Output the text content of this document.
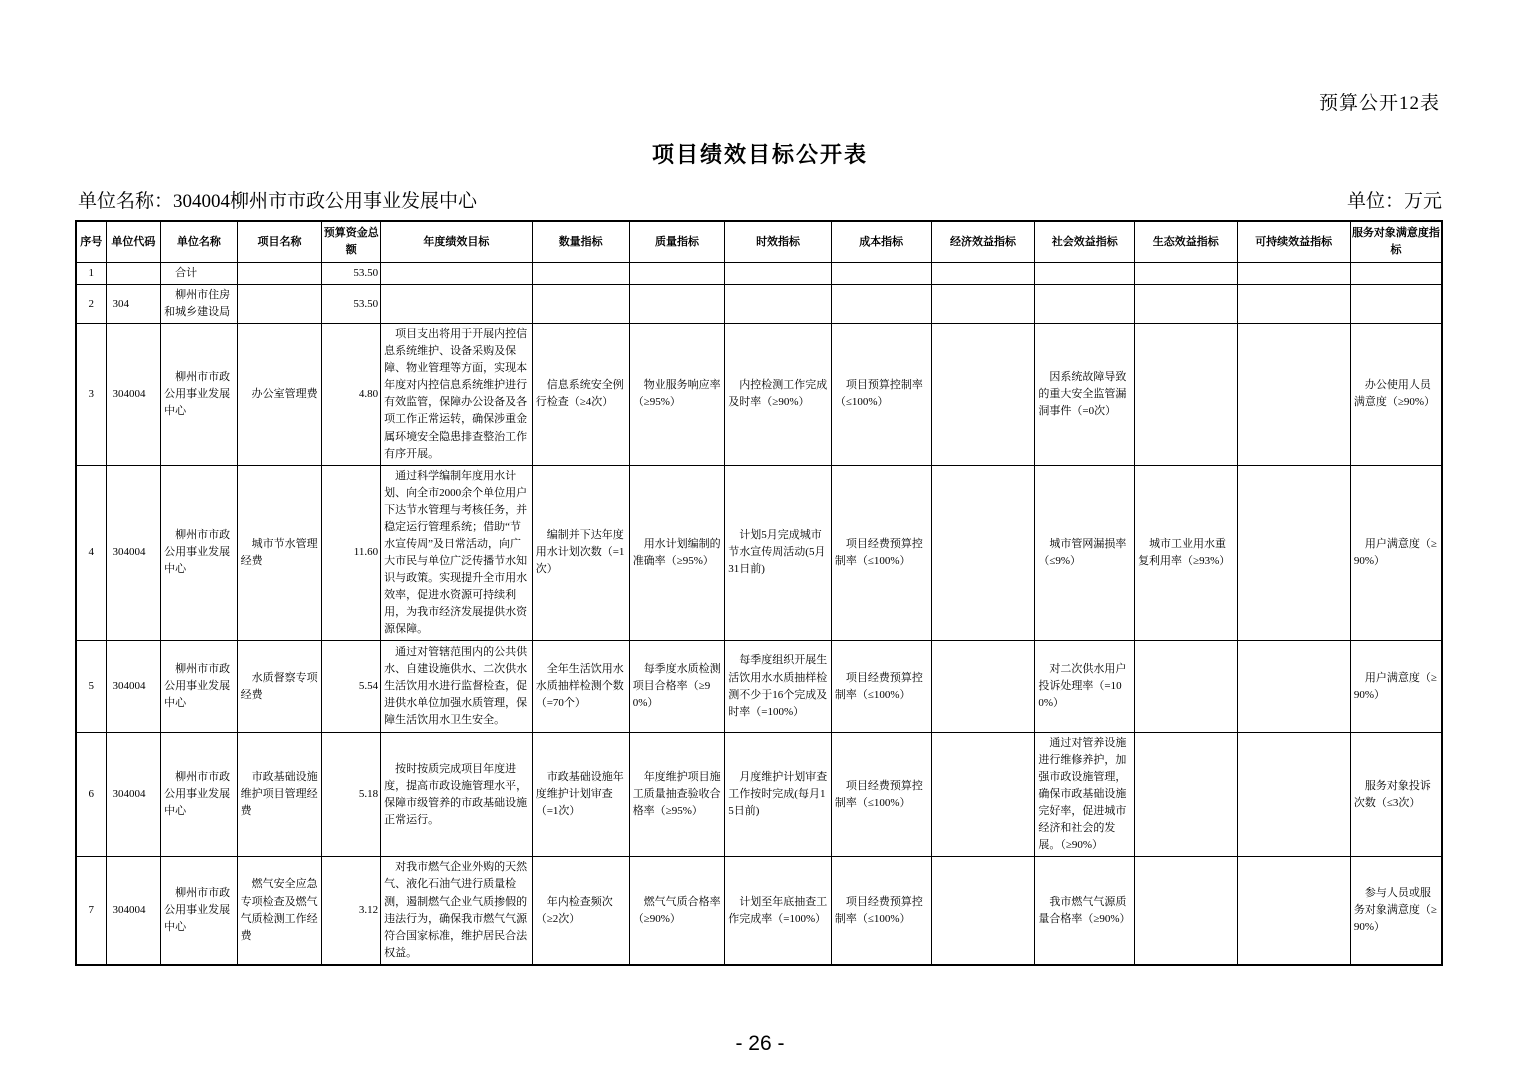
预算公开12表
项目绩效目标公开表
单位名称：304004柳州市市政公用事业发展中心	单位：万元
序号	单位代码	单位名称	项目名称	预算资金总额	年度绩效目标	数量指标	质量指标	时效指标	成本指标	经济效益指标	社会效益指标	生态效益指标	可持续效益指标	服务对象满意度指标
1		合计		53.50										
2	304	柳州市住房和城乡建设局		53.50										
3	304004	柳州市市政公用事业发展中心	办公室管理费	4.80	项目支出将用于开展内控信息系统维护、设备采购及保障、物业管理等方面，实现本年度对内控信息系统维护进行有效监管，保障办公设备及各项工作正常运转，确保涉重金属环境安全隐患排查整治工作有序开展。	信息系统安全例行检查（≥4次）	物业服务响应率（≥95%）	内控检测工作完成及时率（≥90%）	项目预算控制率（≤100%）		因系统故障导致的重大安全监管漏洞事件（=0次）			办公使用人员满意度（≥90%）
4	304004	柳州市市政公用事业发展中心	城市节水管理经费	11.60	通过科学编制年度用水计划、向全市2000余个单位用户下达节水管理与考核任务，并稳定运行管理系统；借助“节水宣传周”及日常活动，向广大市民与单位广泛传播节水知识与政策。实现提升全市用水效率，促进水资源可持续利用，为我市经济发展提供水资源保障。	编制并下达年度用水计划次数（=1次）	用水计划编制的准确率（≥95%）	计划5月完成城市节水宣传周活动(5月31日前)	项目经费预算控制率（≤100%）		城市管网漏损率（≤9%）	城市工业用水重复利用率（≥93%）		用户满意度（≥90%）
5	304004	柳州市市政公用事业发展中心	水质督察专项经费	5.54	通过对管辖范围内的公共供水、自建设施供水、二次供水生活饮用水进行监督检查，促进供水单位加强水质管理，保障生活饮用水卫生安全。	全年生活饮用水水质抽样检测个数（=70个）	每季度水质检测项目合格率（≥90%）	每季度组织开展生活饮用水水质抽样检测不少于16个完成及时率（=100%）	项目经费预算控制率（≤100%）		对二次供水用户投诉处理率（=100%）			用户满意度（≥90%）
6	304004	柳州市市政公用事业发展中心	市政基础设施维护项目管理经费	5.18	按时按质完成项目年度进度，提高市政设施管理水平，保障市级管养的市政基础设施正常运行。	市政基础设施年度维护计划审查（=1次）	年度维护项目施工质量抽查验收合格率（≥95%）	月度维护计划审查工作按时完成(每月15日前)	项目经费预算控制率（≤100%）		通过对管养设施进行维修养护，加强市政设施管理，确保市政基础设施完好率，促进城市经济和社会的发展。（≥90%）			服务对象投诉次数（≤3次）
7	304004	柳州市市政公用事业发展中心	燃气安全应急专项检查及燃气气质检测工作经费	3.12	对我市燃气企业外购的天然气、液化石油气进行质量检测，遏制燃气企业气质掺假的违法行为，确保我市燃气气源符合国家标准，维护居民合法权益。	年内检查频次（≥2次）	燃气气质合格率（≥90%）	计划至年底抽查工作完成率（=100%）	项目经费预算控制率（≤100%）		我市燃气气源质量合格率（≥90%）			参与人员或服务对象满意度（≥90%）
- 26 -
